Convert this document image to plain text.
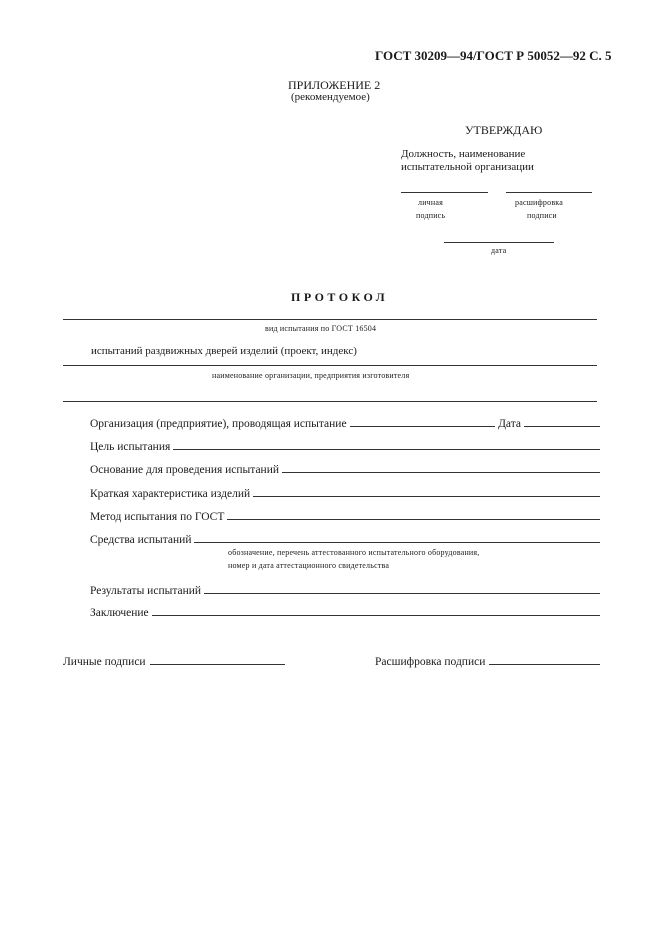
ГОСТ 30209—94/ГОСТ Р 50052—92 С. 5
ПРИЛОЖЕНИЕ 2
(рекомендуемое)
УТВЕРЖДАЮ
Должность, наименование
испытательной организации
личная
подпись
расшифровка
подписи
дата
ПРОТОКОЛ
вид испытания по ГОСТ 16504
испытаний раздвижных дверей изделий (проект, индекс)
наименование организации, предприятия изготовителя
Организация (предприятие), проводящая испытание	Дата
Цель испытания
Основание для проведения испытаний
Краткая характеристика изделий
Метод испытания по ГОСТ
Средства испытаний
обозначение, перечень аттестованного испытательного оборудования,
номер и дата аттестационного свидетельства
Результаты испытаний
Заключение
Личные подписи	Расшифровка подписи
